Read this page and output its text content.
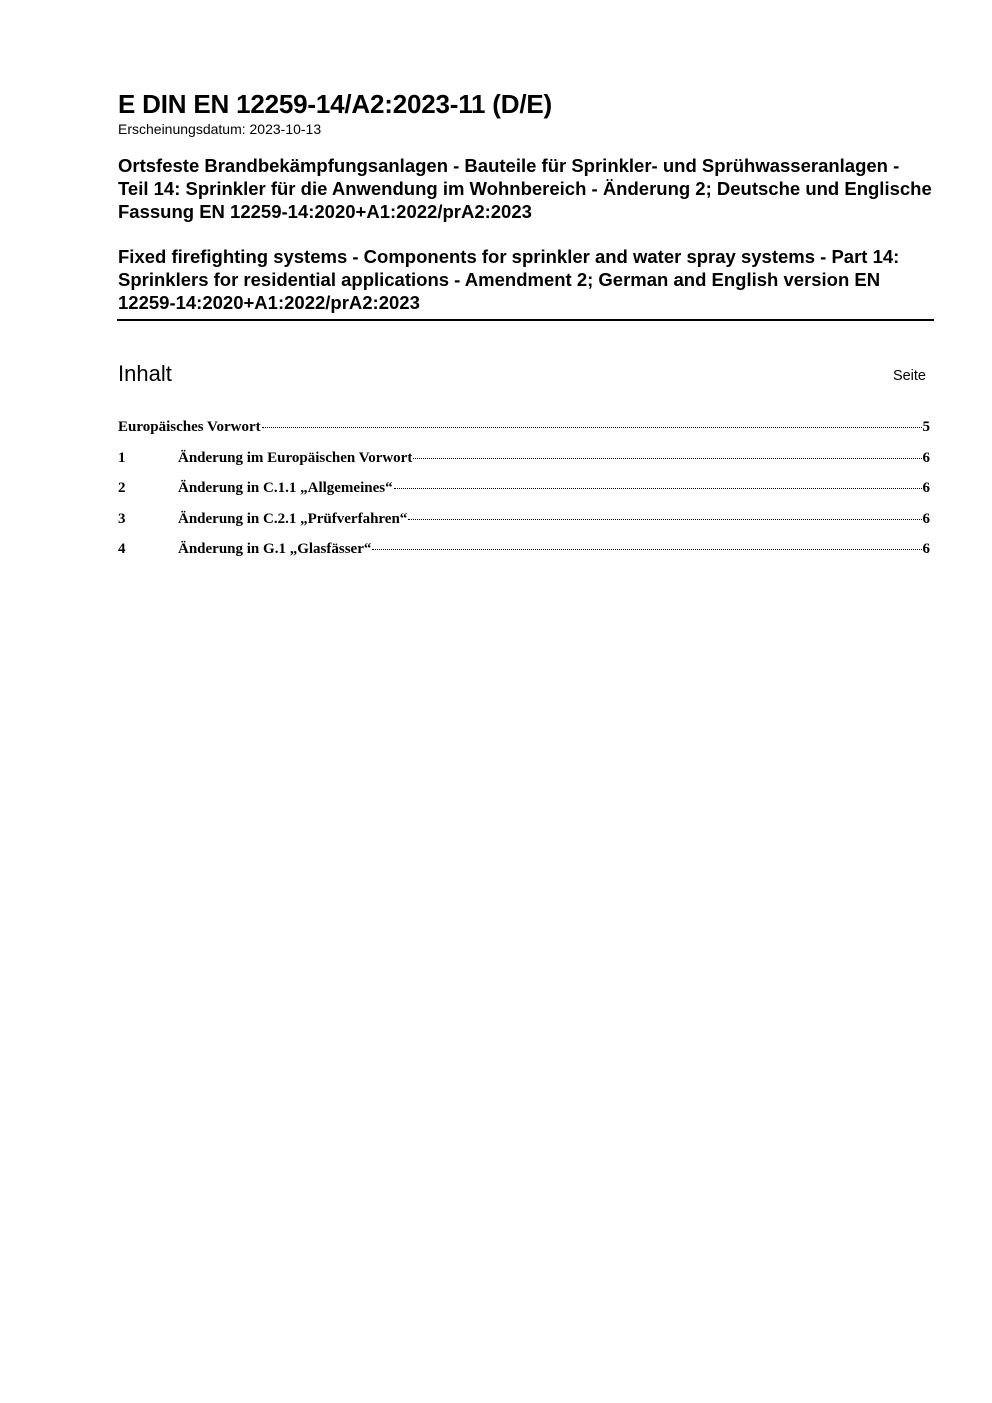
E DIN EN 12259-14/A2:2023-11 (D/E)

Erscheinungsdatum: 2023-10-13

Ortsfeste Brandbekämpfungsanlagen - Bauteile für Sprinkler- und Sprühwasseranlagen - Teil 14: Sprinkler für die Anwendung im Wohnbereich - Änderung 2; Deutsche und Englische Fassung EN 12259-14:2020+A1:2022/prA2:2023

Fixed firefighting systems - Components for sprinkler and water spray systems - Part 14: Sprinklers for residential applications - Amendment 2; German and English version EN 12259-14:2020+A1:2022/prA2:2023

Inhalt	Seite
Europäisches Vorwort	5
1	Änderung im Europäischen Vorwort	6
2	Änderung in C.1.1 „Allgemeines“	6
3	Änderung in C.2.1 „Prüfverfahren“	6
4	Änderung in G.1 „Glasfässer“	6
